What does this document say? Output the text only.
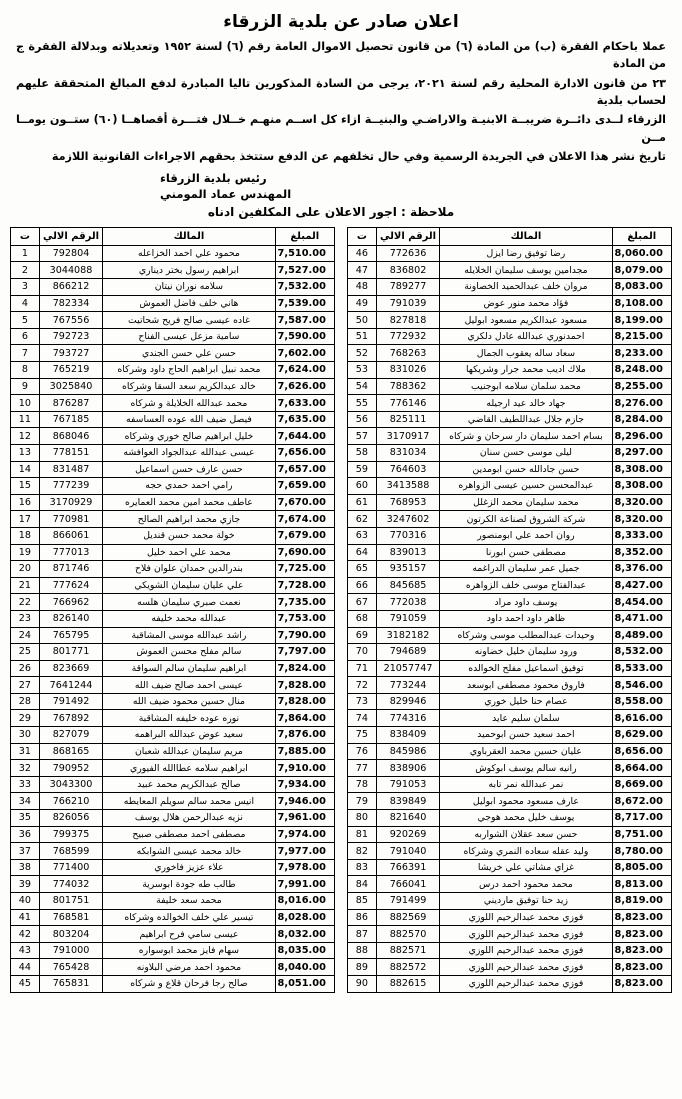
اعلان صادر عن بلدية الزرقاء

عملا باحكام الفقرة (ب) من المادة (٦) من قانون تحصيل الاموال العامة رقم (٦) لسنة ١٩٥٢ وتعديلاته وبدلالة الفقرة ج من المادة

٢٣ من قانون الادارة المحلية رقم لسنة ٢٠٢١، يرجى من السادة المذكورين تاليا المبادرة لدفع المبالغ المتحققة عليهم لحساب بلدية

الزرقاء لــدى دائــرة ضريبــة الابنيـة والاراضـي والبنيــة ازاء كل اســم منهـم خــلال فتـــرة أقصاهــا (٦٠) ستــون يومــا مــن

تاريخ نشر هذا الاعلان في الجريدة الرسمية وفي حال تخلفهم عن الدفع ستتخذ بحقهم الاجراءات القانونية اللازمة

رئيس بلدية الزرقاء
المهندس عماد المومني
ملاحظة : اجور الاعلان على المكلفين ادناه
المبلغ	المالك	الرقم الالي	ت
8,060.00	رضا توفيق رضا ايزل	772636	46
8,079.00	مجدامين يوسف سليمان الخلايله	836802	47
8,083.00	مروان خلف عبدالحميد الخصاونة	789277	48
8,108.00	فؤاد محمد منور عوض	791039	49
8,199.00	مسعود عبدالكريم مسعود ابوليل	827818	50
8,215.00	احمدنوري عبدالله عادل دلكري	772932	51
8,233.00	سعاد ساله يعقوب الجمال	768263	52
8,248.00	ملاك اديب محمد جرار وشريكها	831026	53
8,255.00	محمد سلمان سلامه ابوجنيب	788362	54
8,276.00	جهاد خالد عيد ارجيله	776146	55
8,284.00	جازم جلال عبداللطيف القاضي	825111	56
8,296.00	بسام احمد سليمان دار سرحان و شركاه	3170917	57
8,297.00	ليلى موسى حسن سنان	831034	58
8,308.00	حسن جادالله حسن ابومدين	764603	59
8,308.00	عبدالمحسن حسين عيسى الزواهره	3413588	60
8,320.00	محمد سليمان محمد الزغلل	768953	61
8,320.00	شركة الشروق لصناعة الكرتون	3247602	62
8,333.00	روان احمد علي ابومنصور	770316	63
8,352.00	مصطفى حسن ابورنا	839013	64
8,376.00	جميل عمر سليمان الدراغمه	935157	65
8,427.00	عبدالفتاح موسى خلف الزواهره	845685	66
8,454.00	يوسف داود مراد	772038	67
8,471.00	ظاهر داود احمد داود	791059	68
8,489.00	وحيدات عبدالمطلب موسى وشركاه	3182182	69
8,532.00	ورود سليمان خليل خضاونه	794689	70
8,533.00	توفيق اسماعيل مفلح الخوالده	21057747	71
8,546.00	فاروق محمود مصطفى ابوسعد	773244	72
8,558.00	عصام حنا خليل خوري	829946	73
8,616.00	سلمان سليم عايد	774316	74
8,629.00	احمد سعيد حسن ابوحميد	838409	75
8,656.00	عليان حسين محمد العقرباوي	845986	76
8,664.00	رانيه سالم يوسف ابوكوش	838906	77
8,669.00	نمر عبدالله نمر تابه	791053	78
8,672.00	عارف مسعود محمود ابوليل	839849	79
8,717.00	يوسف خليل محمد هوجي	821640	80
8,751.00	حسن سعد عقلان الشواربه	920269	81
8,780.00	وليد عقله سعاده النمري وشركاه	791040	82
8,805.00	غزاي مشاتي علي خريشا	766391	83
8,813.00	محمد محمود احمد درس	766041	84
8,819.00	زيد حنا توفيق مارديني	791499	85
8,823.00	فوزي محمد عبدالرحيم اللوزي	882569	86
8,823.00	فوزي محمد عبدالرحيم اللوزي	882570	87
8,823.00	فوزي محمد عبدالرحيم اللوزي	882571	88
8,823.00	فوزي محمد عبدالرحيم اللوزي	882572	89
8,823.00	فوزي محمد عبدالرحيم اللوزي	882615	90
المبلغ	المالك	الرقم الالي	ت
7,510.00	محمود علي احمد الخزاعله	792804	1
7,527.00	ابراهيم رسول بختر ديناري	3044088	2
7,532.00	سلامه نوران نيتان	866212	3
7,539.00	هاني خلف فاضل العموش	782334	4
7,587.00	غاده عيسى صالح فريح شحاتيت	767556	5
7,590.00	سامية مزعل عيسى الفناح	792723	6
7,602.00	حسن علي حسن الجندي	793727	7
7,624.00	محمد نبيل ابراهيم الحاج داود وشركاه	765219	8
7,626.00	خالد عبدالكريم سعد السقا وشركاه	3025840	9
7,633.00	محمد عبدالله الخلايلة و شركاه	876287	10
7,635.00	فيصل ضيف الله عوده العساسفه	767185	11
7,644.00	خليل ابراهيم صالح خوري وشركاه	868046	12
7,656.00	عيسى عبدالله عبدالجواد العوافشه	778151	13
7,657.00	حسن عارف حسن اسماعيل	831487	14
7,659.00	رامي احمد حمدي حجه	777239	15
7,670.00	عاطف محمد امين محمد العمايره	3170929	16
7,674.00	جازي محمد ابراهيم الصالح	770981	17
7,679.00	خولة محمد حسن قنديل	866061	18
7,690.00	محمد علي احمد خليل	777013	19
7,725.00	بندرالدين حمدان علوان فلاح	871746	20
7,728.00	علي عليان سليمان الشويكي	777624	21
7,735.00	نعمت صبري سليمان هلسه	766962	22
7,753.00	عبدالله محمد خليفه	826140	23
7,790.00	راشد عبدالله موسى المشاقبة	765795	24
7,797.00	سالم مفلح محسن العموش	801771	25
7,824.00	ابراهيم سليمان سالم السواقة	823669	26
7,828.00	عيسى احمد صالح ضيف الله	7641244	27
7,828.00	منال حسين محمود ضيف الله	791492	28
7,864.00	نوره عوده خليفه المشاقبة	767892	29
7,876.00	سعيد عوض عبدالله البراهمه	827079	30
7,885.00	مريم سليمان عبدالله شعبان	868165	31
7,910.00	ابراهيم سلامه عطاالله الفيوري	790952	32
7,934.00	صالح عبدالكريم محمد عبيد	3043300	33
7,946.00	انيس محمد سالم سويلم المعايطه	766210	34
7,961.00	نزيه عبدالرحمن هلال يوسف	826056	35
7,974.00	مصطفى احمد مصطفى صبيح	799375	36
7,977.00	خالد محمد عيسى الشوابكه	768599	37
7,978.00	علاء عزيز فاخوري	771400	38
7,991.00	طالب طه جودة ابوسرية	774032	39
8,016.00	محمد سعد خليفة	801751	40
8,028.00	تيسير علي خلف الخوالده وشركاه	768581	41
8,032.00	عيسى سامي فرح ابراهيم	803204	42
8,035.00	سهام فايز محمد ابوسواره	791000	43
8,040.00	محمود احمد مرضي البلاونه	765428	44
8,051.00	صالح رجا فرحان قلاع و شركاه	765831	45
